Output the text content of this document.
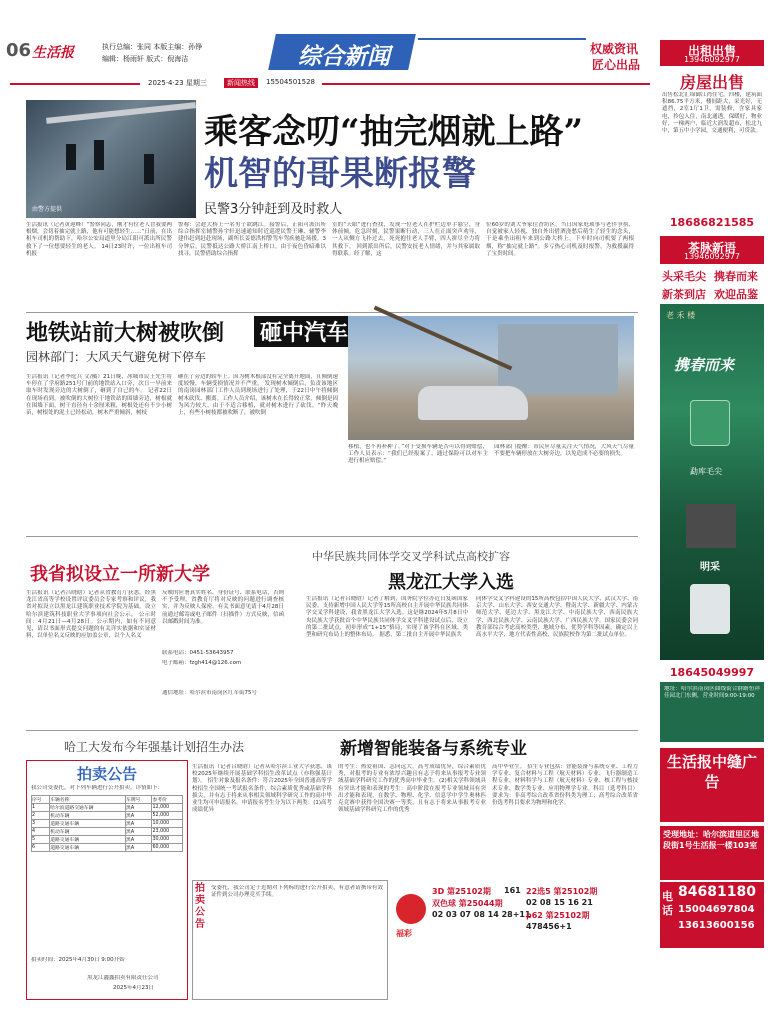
06 生活报	执行总编：张同 本版主编：孙铮
编辑：杨雨轩 版式：倪海洁	综合新闻	权威资讯
匠心出品
2025·4·23 星期三	新闻热线	15504501528
由警方提供
乘客念叨“抽完烟就上路”
机智的哥果断报警
民警3分钟赶到及时救人
生活报讯（记者黄迎峰）“警察同志，刚才有位老人冒我要两根烟，会切着抽完就上路，他有可能想轻生……”日前，在出租车司机的帮助下，哈尔公安局道里分局江阳可派出所民警救下了一位想要轻生的老人。 14日23时许，一位出租车司机报
警称：会趁大桥上一名男子欲跳江。接警后，正阳可派出所综合指挥室辅警孙宇轩迅速通知时近巡逻民警王琳、辅警李建伟赶到赶赴现场，副所长姜德洪相警驾车驾疾驰赴场援。3分钟后，民警抵达公路大桥江南上桥口。由于夜色昏暗难以找寻，民警借助综合指挥
室的“天眼”进行查找，发现一位老人在护栏边单手悬空，身体前倾。危急时刻，民警果断行动，三人在正面突声劝导，一人从侧方飞扑过去，死死抱住老人手臂，四人拼尽全力将其救下。 回到派出所后，民警安抚老人情绪，并与其家属取得联系。经了解，这
位60岁的刘大爷家住香坊区，当日因家庭琐事与老伴争执，自觉被家人轻视，独自外出借酒浇愁后萌生了轻生的念头，于是乘坐出租车来到公路大桥上，下车时向司机要了两根烟，称“抽完就上路”。多亏热心司机及时报警，为救援赢得了宝贵时间。
地铁站前大树被吹倒 砸中汽车
园林部门：大风天气避免树下停车
生活报讯（记者李庭兵 文/摄）21日晚，冰城市民王先生将车停在了学府路251号门前的地铁站入口旁，次日一早前来取车时发现旁边的大树倒了，砸到了自己的车。 记者22日在现场看到，被吹倒的大树位于地铁站的围墙旁边，树根就在围墙下面，树干直径有十余厘米粗，树根处还有不少小树苗，树根处的泥土已经松动，树木严重倾斜，树枝
砸在了旁边的轿车上。因为树木根部没有完全离开地面，且倾倒速度较慢，车辆受损情况并不严重。 发现树木倾倒后，负责该地区的南岗园林部门工作人员到现场进行了处理，于22日中午将倾倒树木砍伐、搬离。工作人员介绍，该树木在长得较正常，倾倒是因为风力较大，由于不适合移植，就对树木进行了砍伐。“昨天晚上，有些小树枝都被吹断了，被吹倒
移植，也不再补种了。”对于受损车辆是否可以得到赔偿，工作人员表示：“我们已经报案了，通过保险可以对车主进行相应赔偿。”
园林部门提醒：市民应尽量关注天气情况，大风天气尽量不要把车辆停放在大树旁边，以免造成不必要的损失。
我省拟设立一所新大学
生活报讯（记者吕晓晗）记者从省教育厅获悉，经黑龙江省高等学校设置评议委员会专家考察和评议，我省对拟设立以黑龙江建筑职业技术学院为基础，设立哈尔滨建筑科技职业大学事项向社会公示。 公示时间：4月21日—4月28日。公示期内，如有不同意见，请以书面形式提交问题的有关详实依据和实证材料，以单位名义反映的应加盖公章，以个人名义
反映的应署真实姓名、身份证号、联系电话，否则不予受理。省教育厅将对反映的问题进行调查核实，并为反映人保密。有关书面意见请于4月28日前通过邮寄或电子邮件（扫描件）方式反映，信函以邮戳时间为准。
联系电话：0451-53643957
电子邮箱：fzgh414@126.com
通信地址：哈尔滨市南岗区红军街75号
中华民族共同体学交叉学科试点高校扩容
黑龙江大学入选
生活报讯（记者吕晓晗）记者了解到，国务院学位办近日复函国家民委，支持新增中国人民大学等15所高校自主开展中华民族共同体学交叉学科建设，我省黑龙江大学入选。这是继2024年5月8日中央民族大学获批首个中华民族共同体学交叉学科建设试点后，设立的第二批试点，初步形成“1+15”格局，实现了该学科在区域、类型和研究布局上的整体布局。 据悉，第二批自主开展中华民族共
同体学交叉学科建设的15所高校包括中国人民大学、武汉大学、南京大学、山东大学、西安交通大学、暨南大学、新疆大学、内蒙古师范大学、延边大学、黑龙江大学、中南民族大学、西南民族大学、西北民族大学、云南民族大学、广西民族大学。国家民委会同教育部综合考虑高校类型、地域分布、优势学科等因素，确定以上高水平大学、地方代表性高校、民族院校作为第二批试点单位。
哈工大发布今年强基计划招生办法	新增智能装备与系统专业
生活报讯（记者吕晓晗）记者从哈尔滨工业大学获悉，该校2025年继续开展基础学科招生改革试点（亦称强基计划）。 招生对象及报名条件：符合2025年全国普通高等学校招生全国统一考试报名条件，综合素质优秀或基础学科拔尖，并有志于将来从事相关领域科学研究工作的高中毕业生均可申请报名。申请报名考生分为以下两类：(1)高考成绩优异
的考生：热爱祖国、志向远大，高考成绩优异，综合素质优秀，对报考的专业有浓厚兴趣且有志于将来从事报考专业领域基础学科研究工作的优秀高中毕业生。(2)相关学科领域具有突出才能和表现的考生：高中阶段在报考专业领域具有突出才能和表现，在数学、物理、化学、信息学中学生奥林匹克竞赛中获得全国决赛一等奖，且有志于将来从事报考专业领域基础学科研究工作的优秀
高中毕业生。 招生专业包括：智能装备与系统专业、工程力学专业、复合材料与工程（航天材料）专业、飞行器制造工程专业、材料科学与工程（航天材料）专业、核工程与核技术专业、数学类专业、应用物理学专业。科目（选考科目）要求为：非高考综合改革省份科类为理工；高考综合改革省份选考科目要求为物理和化学。
拍卖公告
我公司受委托，对下列车辆进行公开拍卖。详情如下：
序号	车辆名称	车牌号	参考价
1	哈尔滨道路交通车辆	黑A	12,000
2	机动车辆	黑A	52,000
3	道路交通车辆	黑A	10,000
4	机动车辆	黑A	23,000
5	道路交通车辆	黑A	30,000
6	道路交通车辆	黑A	60,000
拍卖时间：2025年4月30日 9:00开始
黑龙江鑫鑫拍卖有限责任公司
2025年4月23日
拍卖公告
受委托，我公司定于近期对下列标的进行公开拍卖，有意者请携带有效证件到公司办理竞买手续。
福彩
3D 第25102期 161
双色球 第25044期
02 03 07 08 14 28+11
22选5 第25102期
02 08 15 16 21
p62 第25102期
478456+1
出租出售
13946092977
房屋出售
出售松北汇锦御江湾住宅，四楼，建筑面积86.75平方米，楼间距大，采光好，无遮挡，2室1厅1卫，需装修，含家具家电，拎包入住，南北通透，保暖好，物业好，一梯两户，临近大润发超市，松北九中，第五中小学园，交通便利，可贷款。
18686821585
茶脉新语
13946092977
头采毛尖 携春而来
新茶到店 欢迎品鉴
老 禾 楼
携春而来
勐库毛尖
明采
18645049997
地址：哈尔滨南岗区曲线街合群路恒祥佳园北门东侧，营业时间9:00-19:00
生活报中缝广告
受理地址：哈尔滨道里区地段街1号生活报一楼103室
电话
84681180
15004697804
13613600156
